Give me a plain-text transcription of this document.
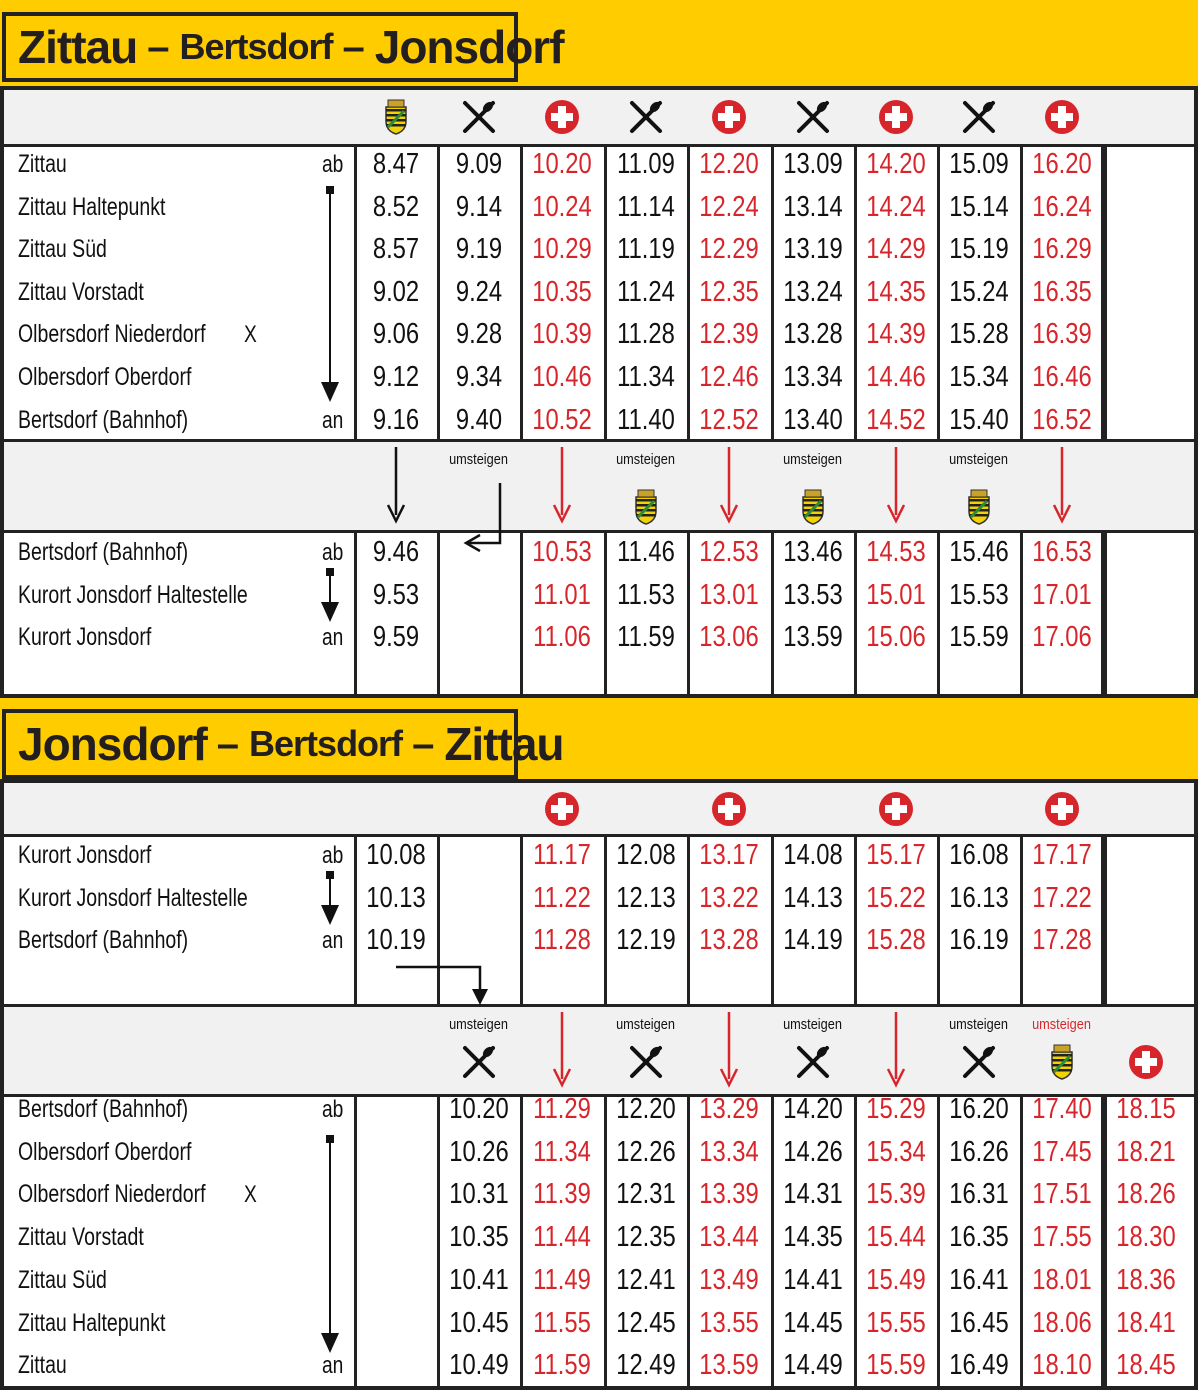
Zittau – Bertsdorf – Jonsdorf
Jonsdorf – Bertsdorf – Zittau
Zittau	ab	8.47	9.09	10.20 11.09 12.20 13.09 14.20 15.09 16.20
Zittau Haltepunkt	8.52	9.14	10.24 11.14 12.24 13.14 14.24 15.14 16.24
Zittau Süd	8.57	9.19	10.29 11.19 12.29 13.19 14.29 15.19 16.29
Zittau Vorstadt	9.02	9.24	10.35 11.24 12.35 13.24 14.35 15.24 16.35
Olbersdorf Niederdorf X	9.06	9.28	10.39 11.28 12.39 13.28 14.39 15.28 16.39
Olbersdorf Oberdorf	9.12	9.34	10.46 11.34 12.46 13.34 14.46 15.34 16.46
Bertsdorf (Bahnhof)	an	9.16	9.40	10.52 11.40 12.52 13.40 14.52 15.40 16.52
umsteigen	umsteigen	umsteigen	umsteigen
Bertsdorf (Bahnhof)	ab	9.46	10.53 11.46 12.53 13.46 14.53 15.46 16.53
Kurort Jonsdorf Haltestelle	9.53	11.01 11.53 13.01 13.53 15.01 15.53 17.01
Kurort Jonsdorf	an	9.59	11.06 11.59 13.06 13.59 15.06 15.59 17.06
Kurort Jonsdorf	ab 10.08	11.17 12.08 13.17 14.08 15.17 16.08 17.17
Kurort Jonsdorf Haltestelle	10.13	11.22 12.13 13.22 14.13 15.22 16.13 17.22
Bertsdorf (Bahnhof)	an 10.19	11.28 12.19 13.28 14.19 15.28 16.19 17.28
umsteigen	umsteigen	umsteigen	umsteigen	umsteigen
Bertsdorf (Bahnhof)	ab	10.20 11.29 12.20 13.29 14.20 15.29 16.20 17.40 18.15
Olbersdorf Oberdorf	10.26 11.34 12.26 13.34 14.26 15.34 16.26 17.45 18.21
Olbersdorf Niederdorf X	10.31 11.39 12.31 13.39 14.31 15.39 16.31 17.51 18.26
Zittau Vorstadt	10.35 11.44 12.35 13.44 14.35 15.44 16.35 17.55 18.30
Zittau Süd	10.41 11.49 12.41 13.49 14.41 15.49 16.41 18.01 18.36
Zittau Haltepunkt	10.45 11.55 12.45 13.55 14.45 15.55 16.45 18.06 18.41
Zittau	an	10.49 11.59 12.49 13.59 14.49 15.59 16.49 18.10 18.45
